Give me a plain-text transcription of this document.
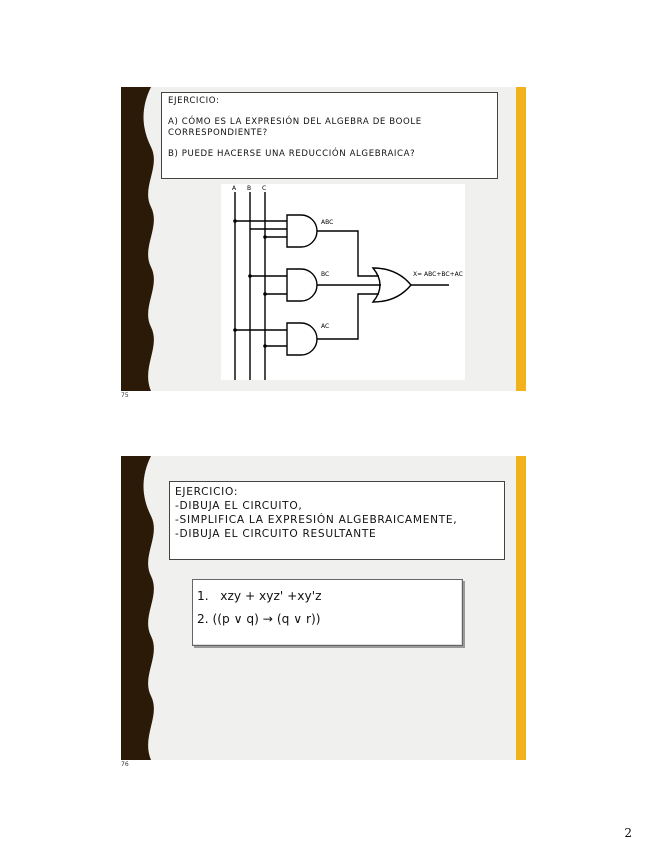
EJERCICIO:
A) CÓMO ES LA EXPRESIÓN DEL ALGEBRA DE BOOLE CORRESPONDIENTE?
B) PUEDE HACERSE UNA REDUCCIÓN ALGEBRAICA?
A B C
ABC
BC
AC
X= ABC+BC+AC
75
EJERCICIO:
-DIBUJA EL CIRCUITO,
-SIMPLIFICA LA EXPRESIÓN ALGEBRAICAMENTE,
-DIBUJA EL CIRCUITO RESULTANTE
1.   xzy + xyz' +xy'z
2. ((p ∨ q) → (q ∨ r))
76
2
